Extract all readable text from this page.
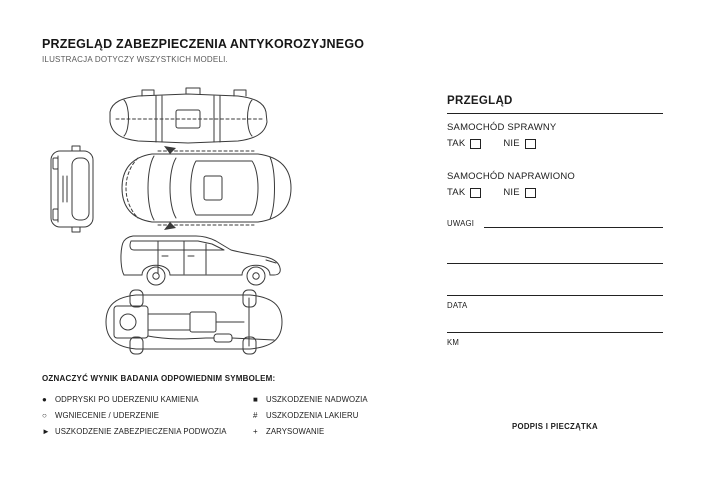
PRZEGLĄD ZABEZPIECZENIA ANTYKOROZYJNEGO
ILUSTRACJA DOTYCZY WSZYSTKICH MODELI.
OZNACZYĆ WYNIK BADANIA ODPOWIEDNIM SYMBOLEM:
●	ODPRYSKI PO UDERZENIU KAMIENIA
○	WGNIECENIE / UDERZENIE
► USZKODZENIE ZABEZPIECZENIA PODWOZIA
■	USZKODZENIE NADWOZIA
#	USZKODZENIA LAKIERU
+	ZARYSOWANIE
PRZEGLĄD
SAMOCHÓD SPRAWNY
TAK	NIE
SAMOCHÓD NAPRAWIONO
TAK	NIE
UWAGI
DATA
KM
PODPIS I PIECZĄTKA
